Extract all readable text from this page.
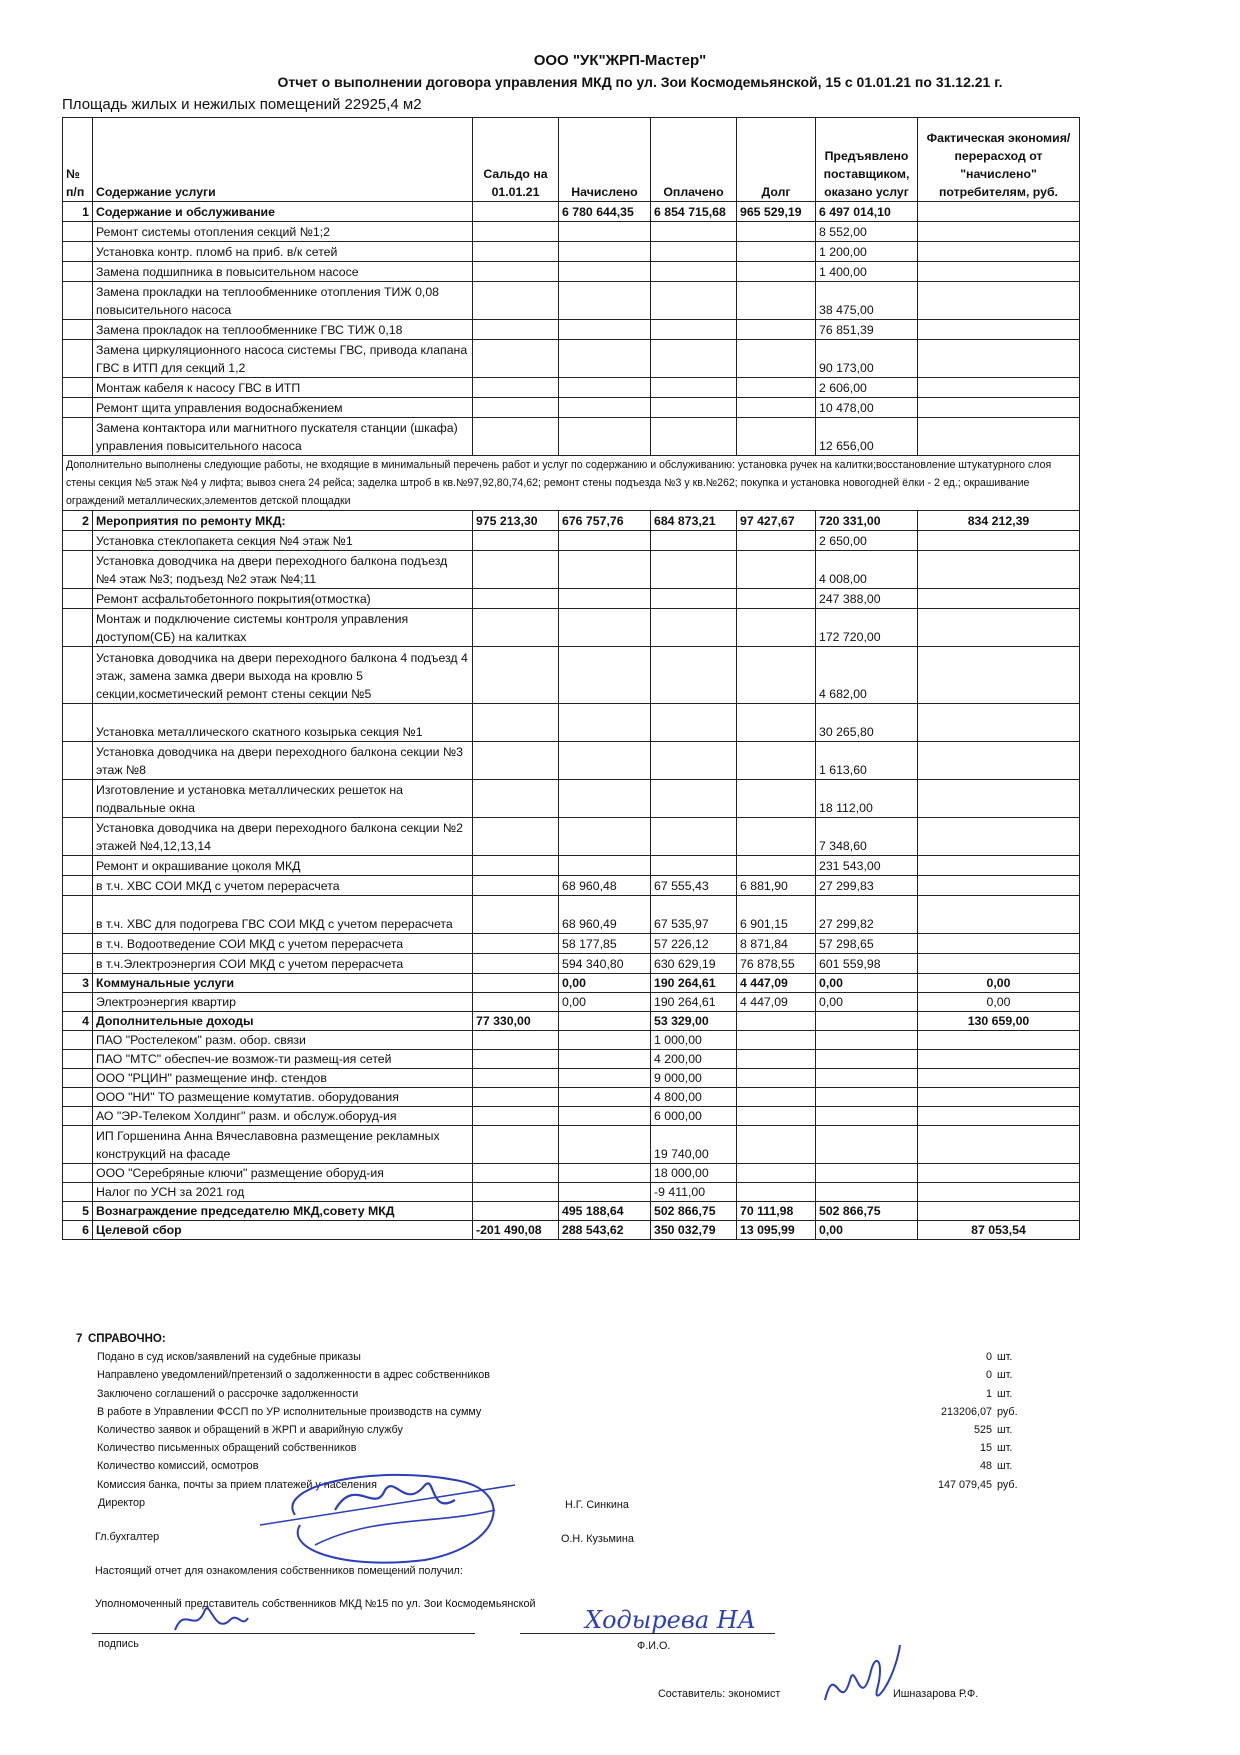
ООО "УК"ЖРП-Мастер"
Отчет о выполнении договора управления МКД по ул. Зои Космодемьянской, 15 с 01.01.21 по 31.12.21 г.
Площадь жилых и нежилых помещений 22925,4 м2
№ п/п	Содержание услуги	Сальдо на 01.01.21	Начислено	Оплачено	Долг	Предъявлено поставщиком, оказано услуг	Фактическая экономия/перерасход от "начислено" потребителям, руб.
1	Содержание и обслуживание		6 780 644,35	6 854 715,68	965 529,19	6 497 014,10	
	Ремонт системы отопления секций №1;2					8 552,00	
	Установка контр. пломб на приб. в/к сетей					1 200,00	
	Замена подшипника в повысительном насосе					1 400,00	
	Замена прокладки на теплообменнике отопления ТИЖ 0,08 повысительного насоса					38 475,00	
	Замена прокладок на теплообменнике ГВС ТИЖ 0,18					76 851,39	
	Замена циркуляционного насоса системы ГВС, привода клапана ГВС в ИТП для секций 1,2					90 173,00	
	Монтаж кабеля к насосу ГВС в ИТП					2 606,00	
	Ремонт щита управления водоснабжением					10 478,00	
	Замена контактора или магнитного пускателя станции (шкафа) управления повысительного насоса					12 656,00	
Дополнительно выполнены следующие работы, не входящие в минимальный перечень работ и услуг по содержанию и обслуживанию: установка ручек на калитки;восстановление штукатурного слоя стены секция №5 этаж №4 у лифта; вывоз снега 24 рейса; заделка штроб в кв.№97,92,80,74,62; ремонт стены подъезда №3 у кв.№262; покупка и установка новогодней ёлки - 2 ед.; окрашивание ограждений металлических,элементов детской площадки							
2	Мероприятия по ремонту МКД:	975 213,30	676 757,76	684 873,21	97 427,67	720 331,00	834 212,39
	Установка стеклопакета секция №4 этаж №1					2 650,00	
	Установка доводчика на двери переходного балкона подъезд №4 этаж №3; подъезд №2 этаж №4;11					4 008,00	
	Ремонт асфальтобетонного покрытия(отмостка)					247 388,00	
	Монтаж и подключение системы контроля управления доступом(СБ) на калитках					172 720,00	
	Установка доводчика на двери переходного балкона 4 подъезд 4 этаж, замена замка двери выхода на кровлю 5 секции,косметический ремонт стены секции №5					4 682,00	
	Установка металлического скатного козырька секция №1					30 265,80	
	Установка доводчика на двери переходного балкона секции №3 этаж №8					1 613,60	
	Изготовление и установка металлических решеток на подвальные окна					18 112,00	
	Установка доводчика на двери переходного балкона секции №2 этажей №4,12,13,14					7 348,60	
	Ремонт и окрашивание цоколя МКД					231 543,00	
	в т.ч. ХВС СОИ МКД с учетом перерасчета		68 960,48	67 555,43	6 881,90	27 299,83	
	в т.ч. ХВС для подогрева ГВС СОИ МКД с учетом перерасчета		68 960,49	67 535,97	6 901,15	27 299,82	
	в т.ч. Водоотведение СОИ МКД с учетом перерасчета		58 177,85	57 226,12	8 871,84	57 298,65	
	в т.ч.Электроэнергия СОИ МКД с учетом перерасчета		594 340,80	630 629,19	76 878,55	601 559,98	
3	Коммунальные услуги		0,00	190 264,61	4 447,09	0,00	0,00
	Электроэнергия квартир		0,00	190 264,61	4 447,09	0,00	0,00
4	Дополнительные доходы	77 330,00		53 329,00			130 659,00
	ПАО "Ростелеком" разм. обор. связи			1 000,00			
	ПАО "МТС" обеспеч-ие возмож-ти размещ-ия сетей			4 200,00			
	ООО "РЦИН" размещение инф. стендов			9 000,00			
	ООО "НИ" ТО размещение комутатив. оборудования			4 800,00			
	АО "ЭР-Телеком Холдинг" разм. и обслуж.оборуд-ия			6 000,00			
	ИП Горшенина Анна Вячеславовна размещение рекламных конструкций на фасаде			19 740,00			
	ООО "Серебряные ключи" размещение оборуд-ия			18 000,00			
	Налог по УСН за 2021 год			-9 411,00			
5	Вознаграждение председателю МКД,совету МКД		495 188,64	502 866,75	70 111,98	502 866,75	
6	Целевой сбор	-201 490,08	288 543,62	350 032,79	13 095,99	0,00	87 053,54
7 СПРАВОЧНО:
Подано в суд исков/заявлений на судебные приказы	0 шт.
Направлено уведомлений/претензий о задолженности в адрес собственников	0 шт.
Заключено соглашений о рассрочке задолженности	1 шт.
В работе в Управлении ФССП по УР исполнительные производств на сумму	213206,07 руб.
Количество заявок и обращений в ЖРП и аварийную службу	525 шт.
Количество письменных обращений собственников	15 шт.
Количество комиссий, осмотров	48 шт.
Комиссия банка, почты за прием платежей у населения	147 079,45 руб.
Директор	Н.Г. Синкина
Гл.бухгалтер	О.Н. Кузьмина
Настоящий отчет для ознакомления собственников помещений получил:
Уполномоченный представитель собственников МКД №15 по ул. Зои Космодемьянской
Ходырева НА
подпись	Ф.И.О.
Составитель: экономист	Ишназарова Р.Ф.
